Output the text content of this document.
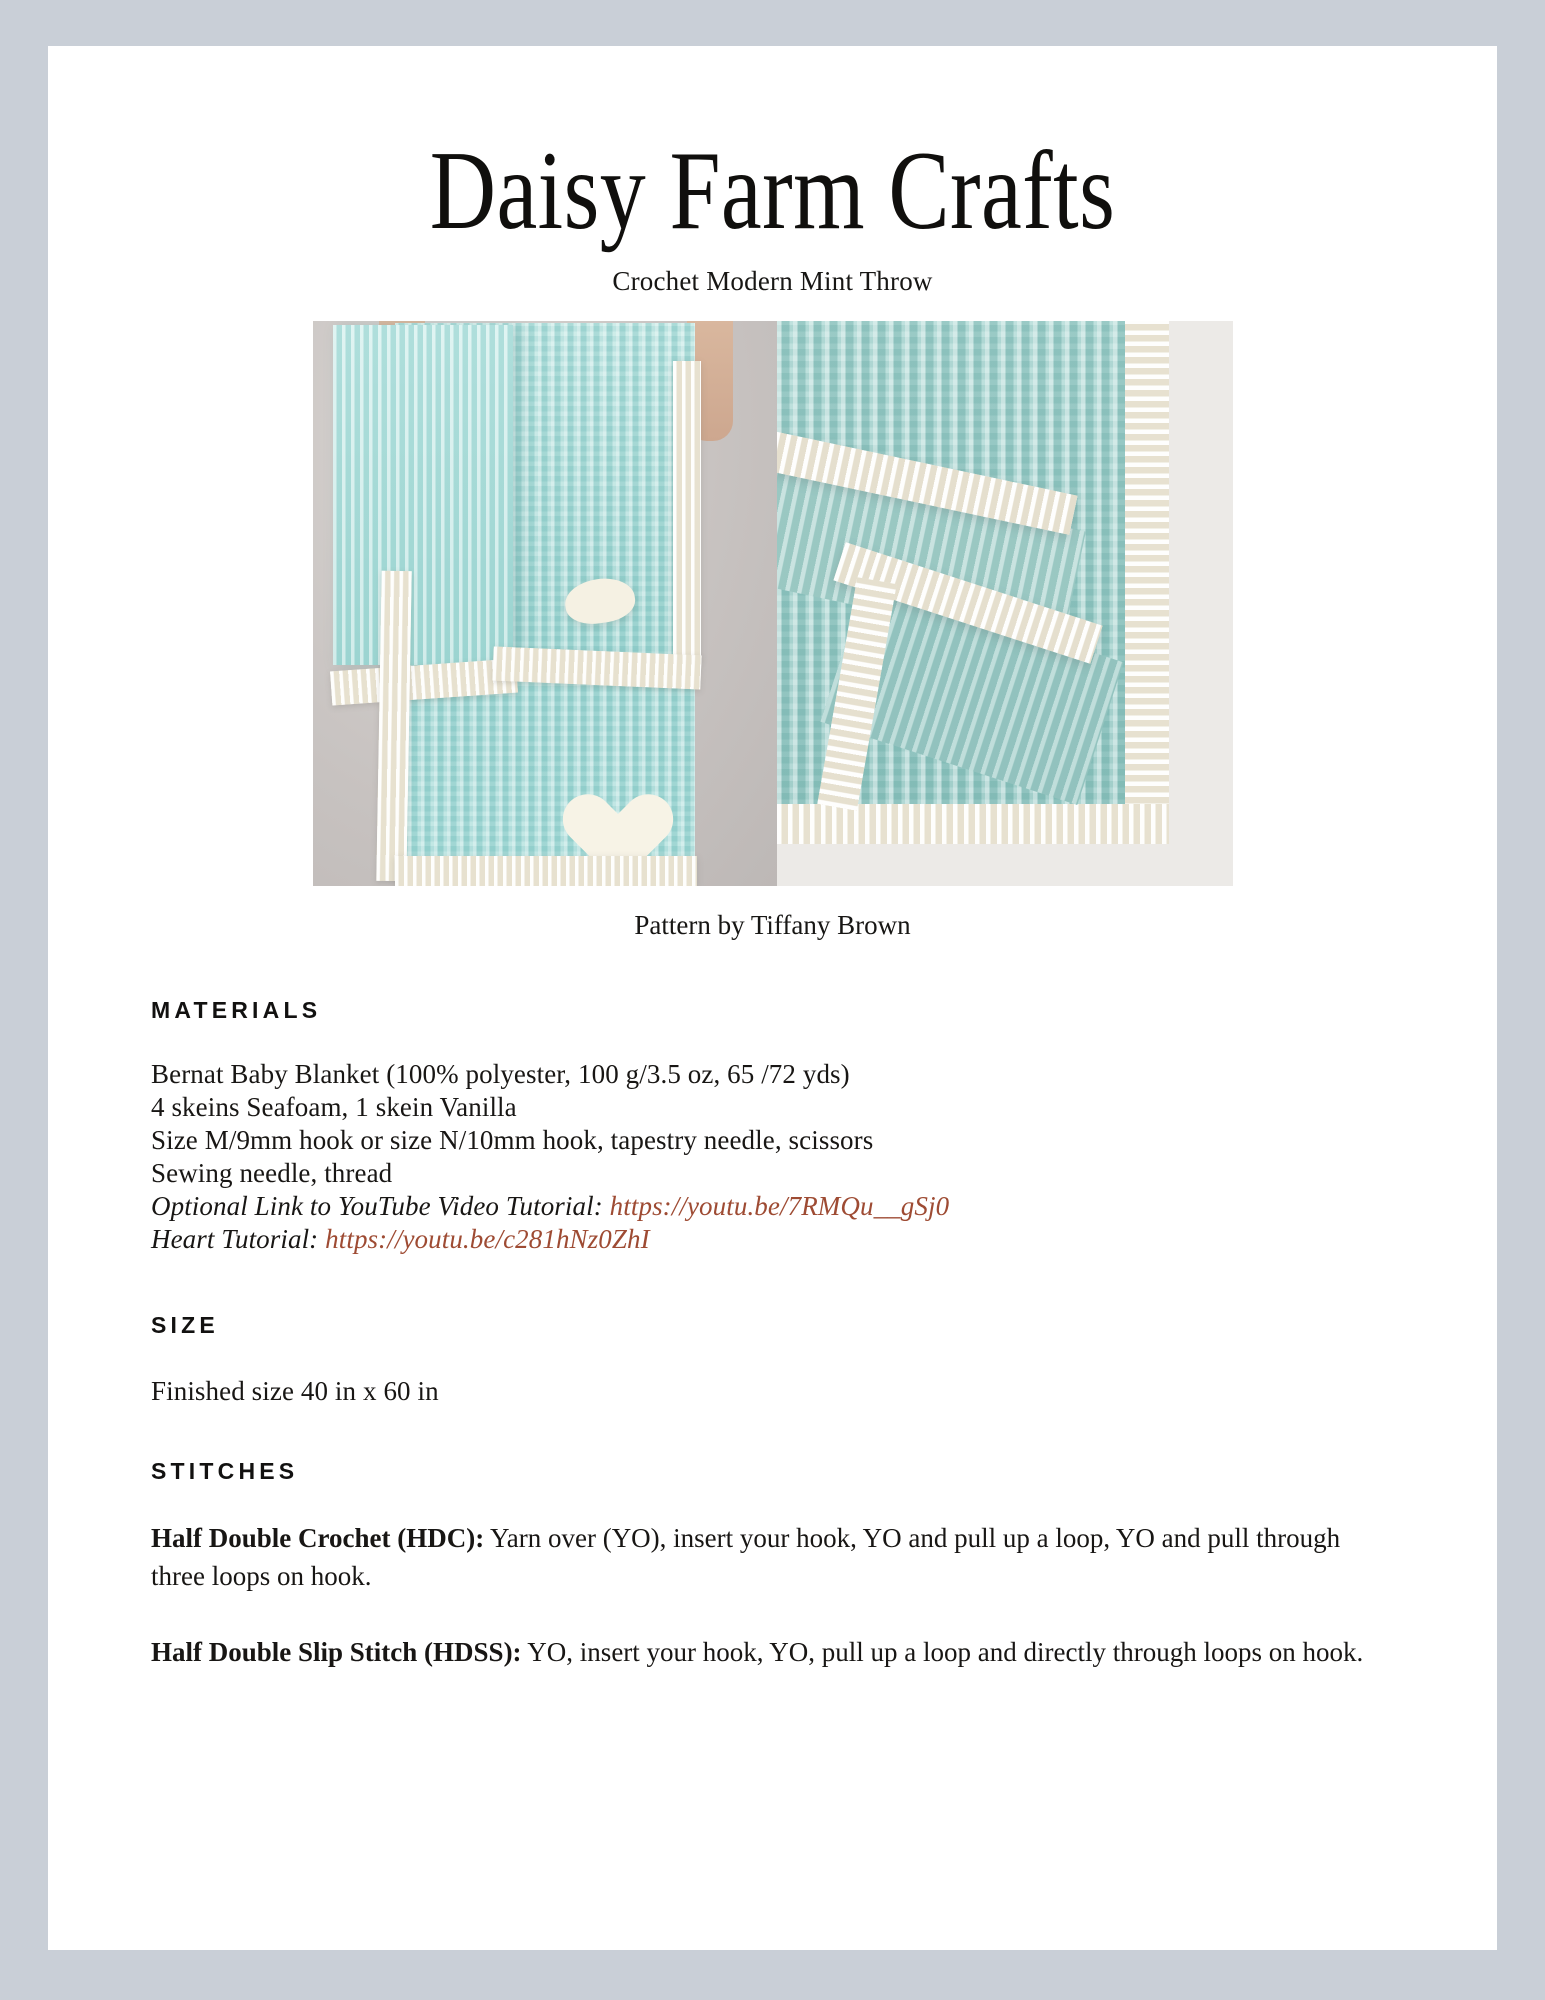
Daisy Farm Crafts

Crochet Modern Mint Throw

Pattern by Tiffany Brown

MATERIALS

Bernat Baby Blanket (100% polyester, 100 g/3.5 oz, 65 /72 yds)

4 skeins Seafoam, 1 skein Vanilla

Size M/9mm hook or size N/10mm hook, tapestry needle, scissors

Sewing needle, thread

Optional Link to YouTube Video Tutorial: https://youtu.be/7RMQu__gSj0

Heart Tutorial: https://youtu.be/c281hNz0ZhI

SIZE

Finished size 40 in x 60 in

STITCHES

Half Double Crochet (HDC): Yarn over (YO), insert your hook, YO and pull up a loop, YO and pull through three loops on hook.

Half Double Slip Stitch (HDSS): YO, insert your hook, YO, pull up a loop and directly through loops on hook.
